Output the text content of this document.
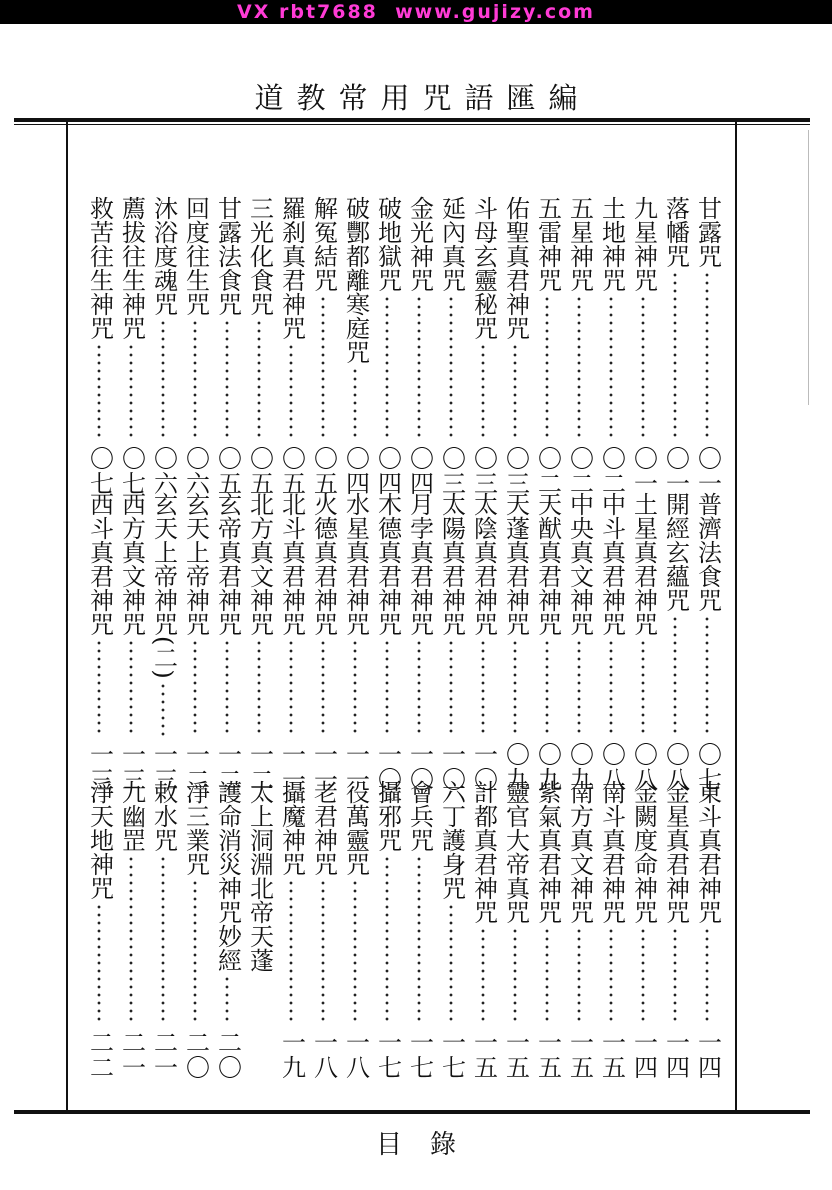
VX rbt7688  www.gujizy.com
道教常用咒語匯編
甘露咒
〇一
落幡咒
〇一
九星神咒
〇一
土地神咒
〇二
五星神咒
〇二
五雷神咒
〇二
佑聖真君神咒
〇三
斗母玄靈秘咒
〇三
延內真咒
〇三
金光神咒
〇四
破地獄咒
〇四
破酆都離寒庭咒
〇四
解冤結咒
〇五
羅刹真君神咒
〇五
三光化食咒
〇五
甘露法食咒
〇五
回度往生咒
〇六
沐浴度魂咒
〇六
薦拔往生神咒
〇七
救苦往生神咒
〇七
普濟法食咒
〇七
開經玄蘊咒
〇八
土星真君神咒
〇八
中斗真君神咒
〇八
中央真文神咒
〇九
天猷真君神咒
〇九
天蓬真君神咒
〇九
太陰真君神咒
一〇
太陽真君神咒
一〇
月孛真君神咒
一〇
木德真君神咒
一〇
水星真君神咒
一一
火德真君神咒
一一
北斗真君神咒
一一
北方真文神咒
一二
玄帝真君神咒
一二
玄天上帝神咒
一二
玄天上帝神咒(二)
一三
西方真文神咒
一三
西斗真君神咒
一三
東斗真君神咒
一四
金星真君神咒
一四
金闕度命神咒
一四
南斗真君神咒
一五
南方真文神咒
一五
紫氣真君神咒
一五
靈官大帝真咒
一五
計都真君神咒
一五
六丁護身咒
一七
會兵咒
一七
攝邪咒
一七
役萬靈咒
一八
老君神咒
一八
攝魔神咒
一九
太上洞淵北帝天蓬
護命消災神咒妙經
二〇
淨三業咒
二〇
敕水咒
二一
九幽罡
二一
淨天地神咒
二二
目錄
